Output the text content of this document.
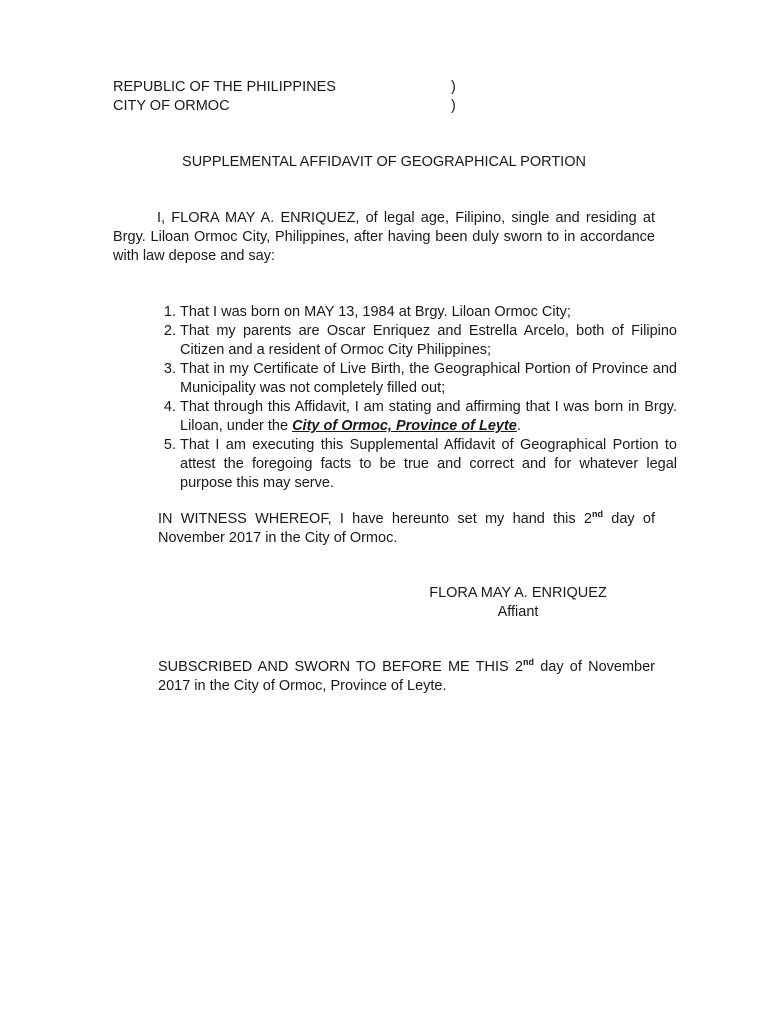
REPUBLIC OF THE PHILIPPINES	)
CITY OF ORMOC	)
SUPPLEMENTAL AFFIDAVIT OF GEOGRAPHICAL PORTION
I, FLORA MAY A. ENRIQUEZ, of legal age, Filipino, single and residing at Brgy. Liloan Ormoc City, Philippines, after having been duly sworn to in accordance with law depose and say:
1. That I was born on MAY 13, 1984 at Brgy. Liloan Ormoc City;
2. That my parents are Oscar Enriquez and Estrella Arcelo, both of Filipino Citizen and a resident of Ormoc City Philippines;
3. That in my Certificate of Live Birth, the Geographical Portion of Province and Municipality was not completely filled out;
4. That through this Affidavit, I am stating and affirming that I was born in Brgy. Liloan, under the City of Ormoc, Province of Leyte.
5. That I am executing this Supplemental Affidavit of Geographical Portion to attest the foregoing facts to be true and correct and for whatever legal purpose this may serve.
IN WITNESS WHEREOF, I have hereunto set my hand this 2nd day of November 2017 in the City of Ormoc.
FLORA MAY A. ENRIQUEZ
Affiant
SUBSCRIBED AND SWORN TO BEFORE ME THIS 2nd day of November 2017 in the City of Ormoc, Province of Leyte.
